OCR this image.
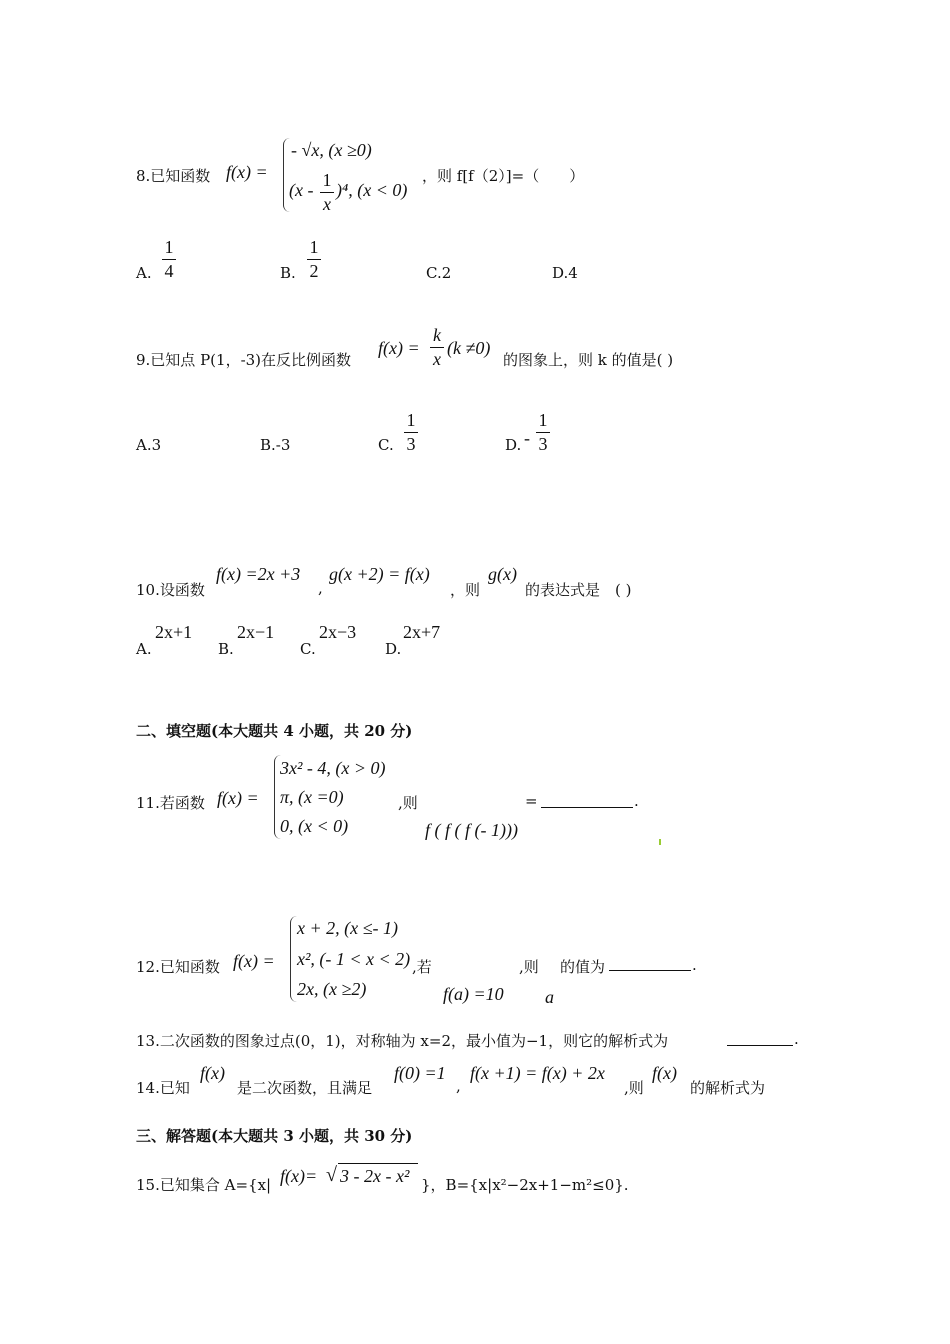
8.已知函数 f(x) =
- √x, (x ≥0)
(x - 1
x
)⁴, (x < 0)
，则 f[f（2）]=（　　）
A.
1
4	B.
1
2	C.2	D.4
9.已知点 P(1，-3)在反比例函数
f(x) =
k
x
(k ≠0)
的图象上，则 k 的值是( )
A.3	B.-3	C.
1
3	D. -
1
3
10.设函数
f(x) =2x +3
,
g(x +2) = f(x)
，则
g(x)
的表达式是　( )
A.
2x+1
B.
2x−1
C.
2x−3
D.
2x+7
二、填空题(本大题共 4 小题，共 20 分)
11.若函数 f(x) =
3x² - 4, (x > 0)
π, (x =0)
0, (x < 0)
,则	=	.
f ( f ( f (- 1)))
12.已知函数 f(x) =
x + 2, (x ≤- 1)
x², (- 1 < x < 2)
2x, (x ≥2)
,若	,则 的值为	.
f(a) =10 a
13.二次函数的图象过点(0，1)，对称轴为 x=2，最小值为−1，则它的解析式为	.
14.已知
f(x)
是二次函数，且满足
f(0) =1
,
f(x +1) = f(x) + 2x
,则
f(x)
的解析式为
三、解答题(本大题共 3 小题，共 30 分)
15.已知集合 A={x| f(x)= √ 3 - 2x - x² }，B={x|x²−2x+1−m²≤0}.
